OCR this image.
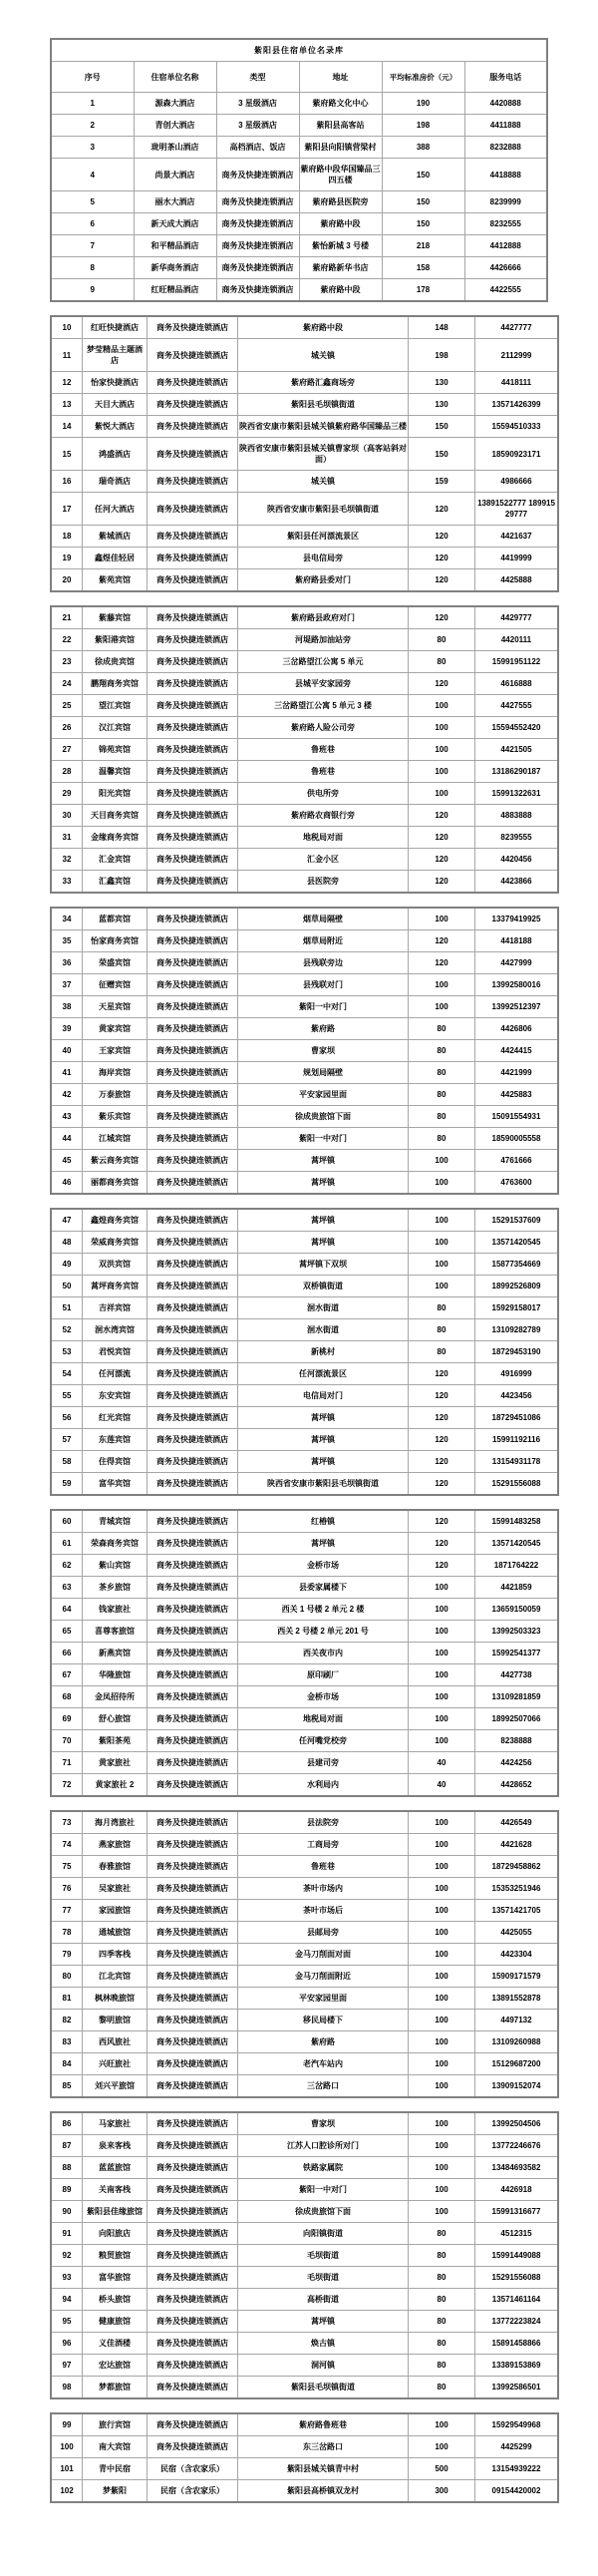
紫阳县住宿单位名录库					
序号	住宿单位名称	类型	地址	平均标准房价（元）	服务电话
1	源森大酒店	3 星级酒店	紫府路文化中心	190	4420888
2	青创大酒店	3 星级酒店	紫阳县高客站	198	4411888
3	珑明茶山酒店	高档酒店、饭店	紫阳县向阳镇营梁村	388	8232888
4	尚景大酒店	商务及快捷连锁酒店	紫府路中段华国臻品三四五楼	150	4418888
5	丽水大酒店	商务及快捷连锁酒店	紫府路县医院旁	150	8239999
6	新天成大酒店	商务及快捷连锁酒店	紫府路中段	150	8232555
7	和平精品酒店	商务及快捷连锁酒店	紫怡新城 3 号楼	218	4412888
8	新华商务酒店	商务及快捷连锁酒店	紫府路新华书店	158	4426666
9	红旺精品酒店	商务及快捷连锁酒店	紫府路中段	178	4422555
10	红旺快捷酒店	商务及快捷连锁酒店	紫府路中段	148	4427777
11	梦莹精品主题酒店	商务及快捷连锁酒店	城关镇	198	2112999
12	怡家快捷酒店	商务及快捷连锁酒店	紫府路汇鑫商场旁	130	4418111
13	天目大酒店	商务及快捷连锁酒店	紫阳县毛坝镇街道	130	13571426399
14	紫悦大酒店	商务及快捷连锁酒店	陕西省安康市紫阳县城关镇紫府路华国臻品三楼	150	15594510333
15	鸿盛酒店	商务及快捷连锁酒店	陕西省安康市紫阳县城关镇曹家坝（高客站斜对面）	150	18590923171
16	瑞奇酒店	商务及快捷连锁酒店	城关镇	159	4986666
17	任河大酒店	商务及快捷连锁酒店	陕西省安康市紫阳县毛坝镇街道	120	13891522777 18991529777
18	紫城酒店	商务及快捷连锁酒店	紫阳县任河漂流景区	120	4421637
19	鑫煜佳轻居	商务及快捷连锁酒店	县电信局旁	120	4419999
20	紫苑宾馆	商务及快捷连锁酒店	紫府路县委对门	120	4425888
21	紫藤宾馆	商务及快捷连锁酒店	紫府路县政府对门	120	4429777
22	紫阳港宾馆	商务及快捷连锁酒店	河堤路加油站旁	80	4420111
23	徐成贵宾馆	商务及快捷连锁酒店	三岔路望江公寓 5 单元	80	15991951122
24	鹏翔商务宾馆	商务及快捷连锁酒店	县城平安家园旁	120	4616888
25	望江宾馆	商务及快捷连锁酒店	三岔路望江公寓 5 单元 3 楼	100	4427555
26	汉江宾馆	商务及快捷连锁酒店	紫府路人险公司旁	100	15594552420
27	锦苑宾馆	商务及快捷连锁酒店	鲁班巷	100	4421505
28	温馨宾馆	商务及快捷连锁酒店	鲁班巷	100	13186290187
29	阳光宾馆	商务及快捷连锁酒店	供电所旁	100	15991322631
30	天目商务宾馆	商务及快捷连锁酒店	紫府路农商银行旁	120	4883888
31	金缘商务宾馆	商务及快捷连锁酒店	地税局对面	120	8239555
32	汇金宾馆	商务及快捷连锁酒店	汇金小区	120	4420456
33	汇鑫宾馆	商务及快捷连锁酒店	县医院旁	120	4423866
34	蓝都宾馆	商务及快捷连锁酒店	烟草局隔壁	100	13379419925
35	怡家商务宾馆	商务及快捷连锁酒店	烟草局附近	120	4418188
36	荣盛宾馆	商务及快捷连锁酒店	县残联旁边	120	4427999
37	征赠宾馆	商务及快捷连锁酒店	县残联对门	100	13992580016
38	天星宾馆	商务及快捷连锁酒店	紫阳一中对门	100	13992512397
39	黄家宾馆	商务及快捷连锁酒店	紫府路	80	4426806
40	王家宾馆	商务及快捷连锁酒店	曹家坝	80	4424415
41	海岸宾馆	商务及快捷连锁酒店	规划局隔壁	80	4421999
42	万泰旅馆	商务及快捷连锁酒店	平安家园里面	80	4425883
43	紫乐宾馆	商务及快捷连锁酒店	徐成贵旅馆下面	80	15091554931
44	江城宾馆	商务及快捷连锁酒店	紫阳一中对门	80	18590005558
45	紫云商务宾馆	商务及快捷连锁酒店	蒿坪镇	100	4761666
46	丽都商务宾馆	商务及快捷连锁酒店	蒿坪镇	100	4763600
47	鑫煌商务宾馆	商务及快捷连锁酒店	蒿坪镇	100	15291537609
48	荣威商务宾馆	商务及快捷连锁酒店	蒿坪镇	100	13571420545
49	双洪宾馆	商务及快捷连锁酒店	蒿坪镇下双坝	100	15877354669
50	蒿坪商务宾馆	商务及快捷连锁酒店	双桥镇街道	100	18992526809
51	吉祥宾馆	商务及快捷连锁酒店	洄水街道	80	15929158017
52	洄水湾宾馆	商务及快捷连锁酒店	洄水街道	80	13109282789
53	君悦宾馆	商务及快捷连锁酒店	新桃村	80	18729453190
54	任河漂流	商务及快捷连锁酒店	任河漂流景区	120	4916999
55	东安宾馆	商务及快捷连锁酒店	电信局对门	120	4423456
56	红光宾馆	商务及快捷连锁酒店	蒿坪镇	120	18729451086
57	东莲宾馆	商务及快捷连锁酒店	蒿坪镇	120	15991192116
58	住得宾馆	商务及快捷连锁酒店	蒿坪镇	120	13154931178
59	富华宾馆	商务及快捷连锁酒店	陕西省安康市紫阳县毛坝镇街道	120	15291556088
60	青城宾馆	商务及快捷连锁酒店	红椿镇	120	15991483258
61	荣森商务宾馆	商务及快捷连锁酒店	蒿坪镇	120	13571420545
62	紫山宾馆	商务及快捷连锁酒店	金桥市场	120	1871764222
63	茶乡旅馆	商务及快捷连锁酒店	县委家属楼下	100	4421859
64	钱家旅社	商务及快捷连锁酒店	西关 1 号楼 2 单元 2 楼	100	13659150059
65	喜尊客旅馆	商务及快捷连锁酒店	西关 2 号楼 2 单元 201 号	100	13992503323
66	新燕宾馆	商务及快捷连锁酒店	西关夜市内	100	15992541377
67	华隆旅馆	商务及快捷连锁酒店	原印刷厂	100	4427738
68	金凤招待所	商务及快捷连锁酒店	金桥市场	100	13109281859
69	舒心旅馆	商务及快捷连锁酒店	地税局对面	100	18992507066
70	紫阳茶苑	商务及快捷连锁酒店	任河嘴党校旁	100	8238888
71	黄家旅社	商务及快捷连锁酒店	县建司旁	40	4424256
72	黄家旅社 2	商务及快捷连锁酒店	水利局内	40	4428652
73	海月湾旅社	商务及快捷连锁酒店	县法院旁	100	4426549
74	燕家旅馆	商务及快捷连锁酒店	工商局旁	100	4421628
75	春雅旅馆	商务及快捷连锁酒店	鲁班巷	100	18729458862
76	吴家旅社	商务及快捷连锁酒店	茶叶市场内	100	15353251946
77	家园旅馆	商务及快捷连锁酒店	茶叶市场后	100	13571421705
78	通城旅馆	商务及快捷连锁酒店	县邮局旁	100	4425055
79	四季客栈	商务及快捷连锁酒店	金马刀削面对面	100	4423304
80	江北宾馆	商务及快捷连锁酒店	金马刀削面附近	100	15909171579
81	枫林晚旅馆	商务及快捷连锁酒店	平安家园里面	100	13891552878
82	黎明旅馆	商务及快捷连锁酒店	移民局楼下	100	4497132
83	西风旅社	商务及快捷连锁酒店	紫府路	100	13109260988
84	兴旺旅社	商务及快捷连锁酒店	老汽车站内	100	15129687200
85	刘兴平旅馆	商务及快捷连锁酒店	三岔路口	100	13909152074
86	马家旅社	商务及快捷连锁酒店	曹家坝	100	13992504506
87	泉来客栈	商务及快捷连锁酒店	江苏人口腔诊所对门	100	13772246676
88	蓝蓝旅馆	商务及快捷连锁酒店	铁路家属院	100	13484693582
89	关南客栈	商务及快捷连锁酒店	紫阳一中对门	100	4426918
90	紫阳县佳缘旅馆	商务及快捷连锁酒店	徐成贵旅馆下面	100	15991316677
91	向阳旅店	商务及快捷连锁酒店	向阳镇街道	80	4512315
92	粮贸旅馆	商务及快捷连锁酒店	毛坝街道	80	15991449088
93	富华旅馆	商务及快捷连锁酒店	毛坝街道	80	15291556088
94	桥头旅馆	商务及快捷连锁酒店	高桥街道	80	13571461164
95	健康旅馆	商务及快捷连锁酒店	蒿坪镇	80	13772223824
96	义佳酒楼	商务及快捷连锁酒店	焕古镇	80	15891458866
97	宏达旅馆	商务及快捷连锁酒店	洞河镇	80	13389153869
98	梦都旅馆	商务及快捷连锁酒店	紫阳县毛坝镇街道	80	13992586501
99	旅行宾馆	商务及快捷连锁酒店	紫府路鲁班巷	100	15929549968
100	南大宾馆	商务及快捷连锁酒店	东三岔路口	100	4425299
101	青中民宿	民宿（含农家乐）	紫阳县城关镇青中村	500	13154939222
102	梦紫阳	民宿（含农家乐）	紫阳县高桥镇双龙村	300	09154420002
